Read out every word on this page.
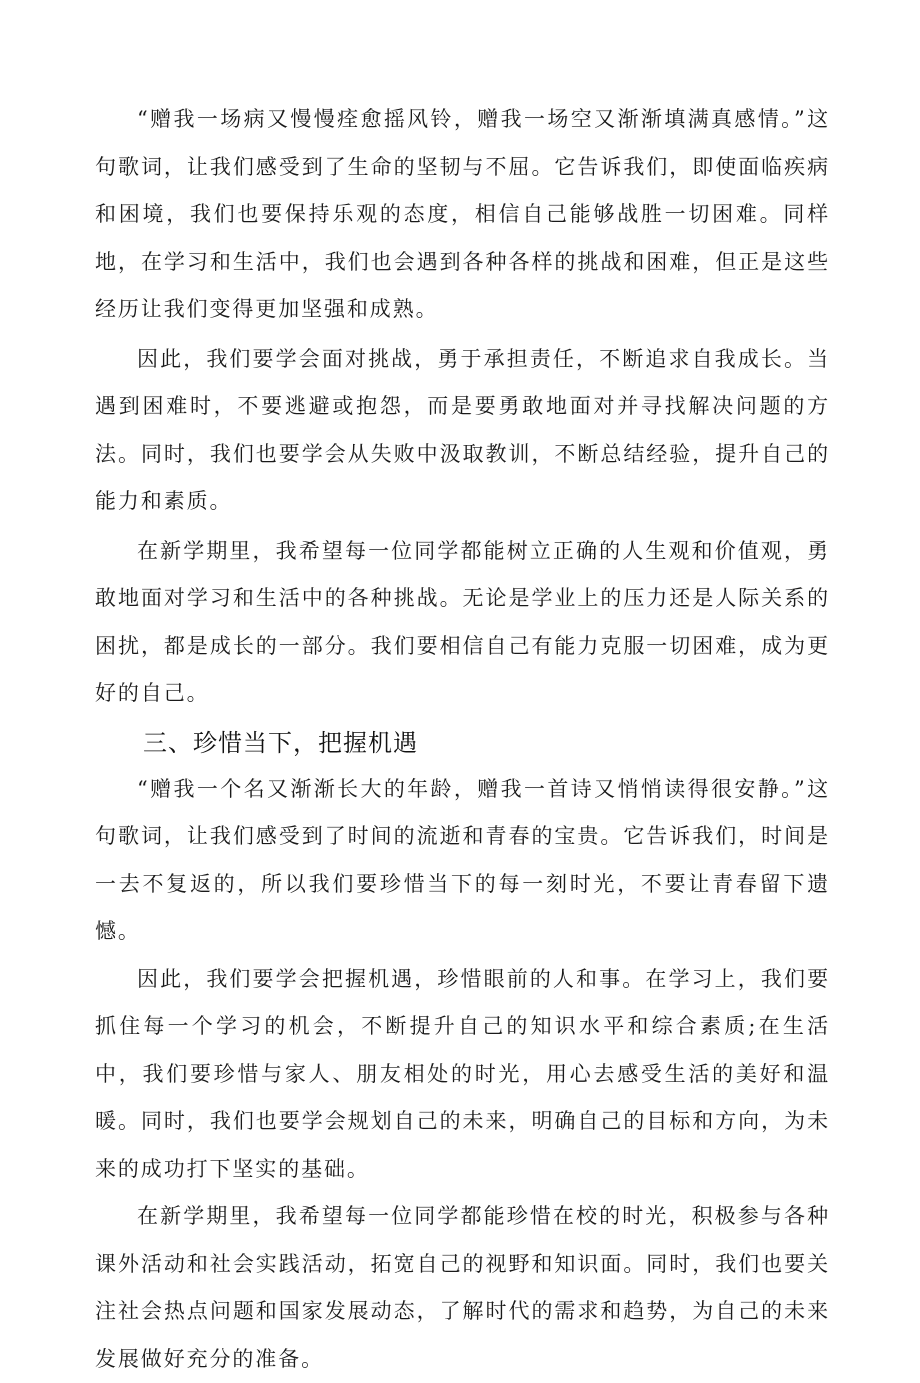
“赠我一场病又慢慢痊愈摇风铃，赠我一场空又渐渐填满真感情。”这句歌词，让我们感受到了生命的坚韧与不屈。它告诉我们，即使面临疾病和困境，我们也要保持乐观的态度，相信自己能够战胜一切困难。同样地，在学习和生活中，我们也会遇到各种各样的挑战和困难，但正是这些经历让我们变得更加坚强和成熟。

因此，我们要学会面对挑战，勇于承担责任，不断追求自我成长。当遇到困难时，不要逃避或抱怨，而是要勇敢地面对并寻找解决问题的方法。同时，我们也要学会从失败中汲取教训，不断总结经验，提升自己的能力和素质。

在新学期里，我希望每一位同学都能树立正确的人生观和价值观，勇敢地面对学习和生活中的各种挑战。无论是学业上的压力还是人际关系的困扰，都是成长的一部分。我们要相信自己有能力克服一切困难，成为更好的自己。

三、珍惜当下，把握机遇

“赠我一个名又渐渐长大的年龄，赠我一首诗又悄悄读得很安静。”这句歌词，让我们感受到了时间的流逝和青春的宝贵。它告诉我们，时间是一去不复返的，所以我们要珍惜当下的每一刻时光，不要让青春留下遗憾。

因此，我们要学会把握机遇，珍惜眼前的人和事。在学习上，我们要抓住每一个学习的机会，不断提升自己的知识水平和综合素质;在生活中，我们要珍惜与家人、朋友相处的时光，用心去感受生活的美好和温暖。同时，我们也要学会规划自己的未来，明确自己的目标和方向，为未来的成功打下坚实的基础。

在新学期里，我希望每一位同学都能珍惜在校的时光，积极参与各种课外活动和社会实践活动，拓宽自己的视野和知识面。同时，我们也要关注社会热点问题和国家发展动态，了解时代的需求和趋势，为自己的未来发展做好充分的准备。
